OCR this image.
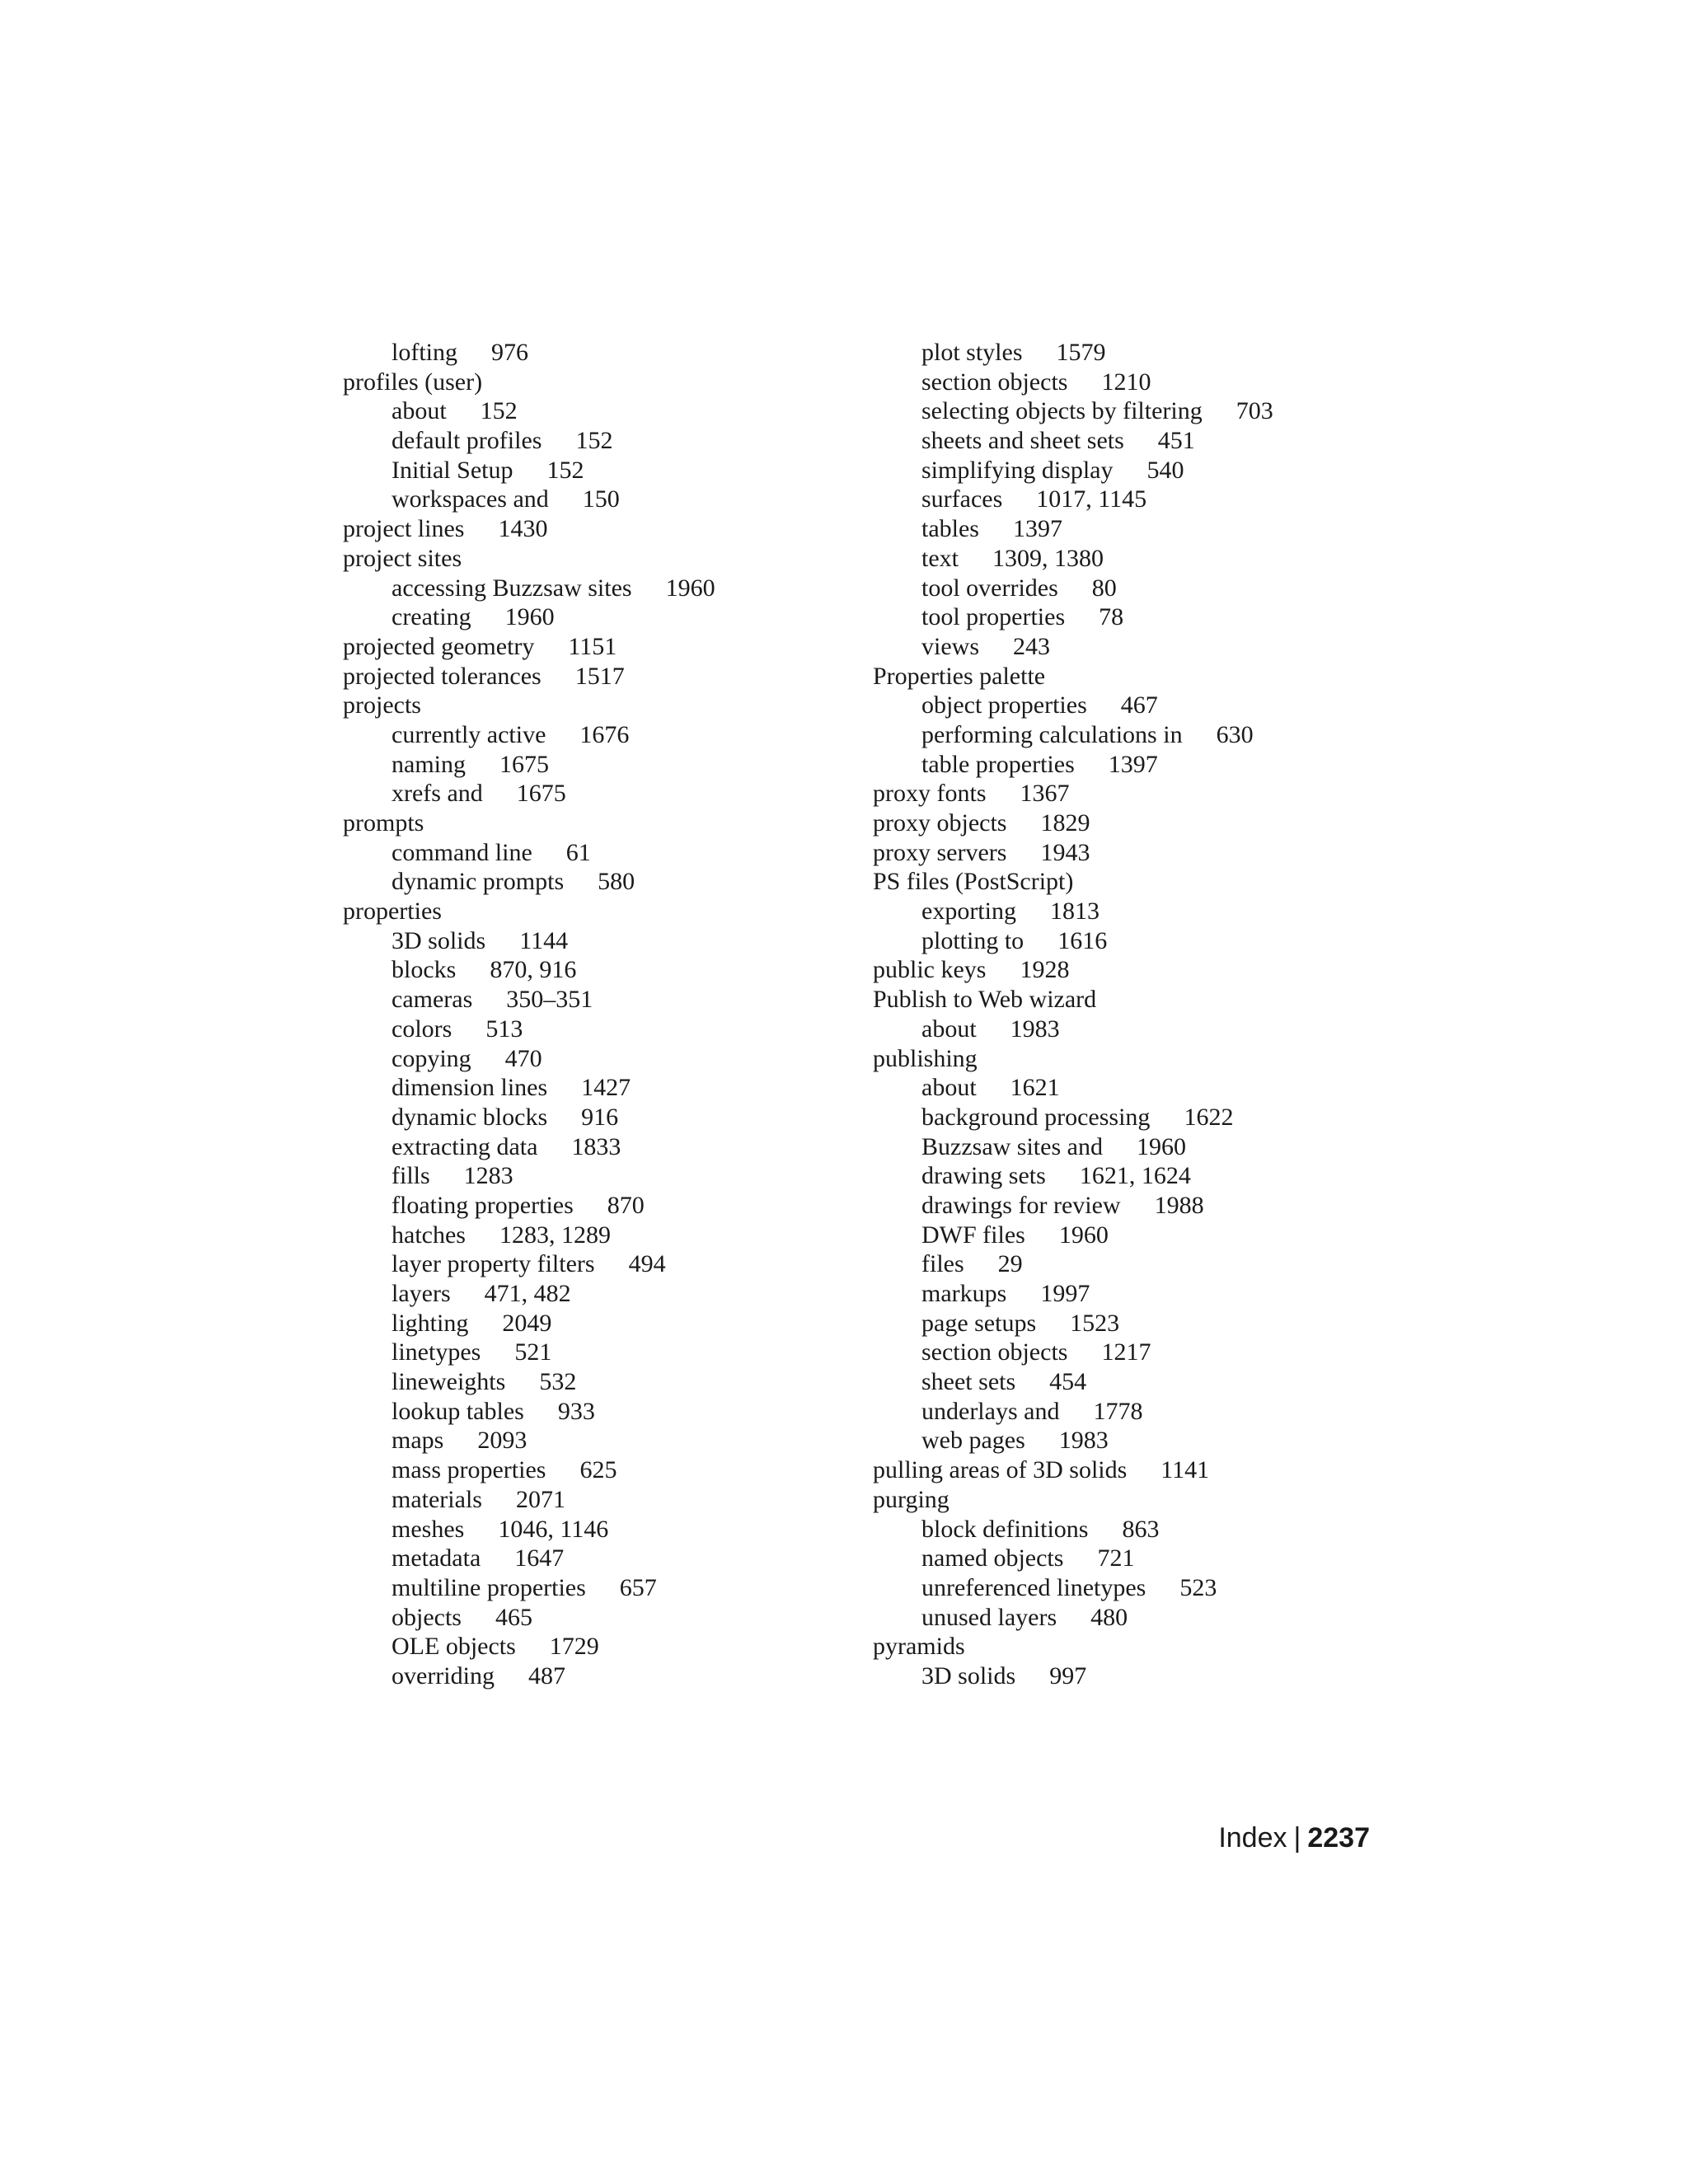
lofting 976
profiles (user)
about 152
default profiles 152
Initial Setup 152
workspaces and 150
project lines 1430
project sites
accessing Buzzsaw sites 1960
creating 1960
projected geometry 1151
projected tolerances 1517
projects
currently active 1676
naming 1675
xrefs and 1675
prompts
command line 61
dynamic prompts 580
properties
3D solids 1144
blocks 870, 916
cameras 350–351
colors 513
copying 470
dimension lines 1427
dynamic blocks 916
extracting data 1833
fills 1283
floating properties 870
hatches 1283, 1289
layer property filters 494
layers 471, 482
lighting 2049
linetypes 521
lineweights 532
lookup tables 933
maps 2093
mass properties 625
materials 2071
meshes 1046, 1146
metadata 1647
multiline properties 657
objects 465
OLE objects 1729
overriding 487
plot styles 1579
section objects 1210
selecting objects by filtering 703
sheets and sheet sets 451
simplifying display 540
surfaces 1017, 1145
tables 1397
text 1309, 1380
tool overrides 80
tool properties 78
views 243
Properties palette
object properties 467
performing calculations in 630
table properties 1397
proxy fonts 1367
proxy objects 1829
proxy servers 1943
PS files (PostScript)
exporting 1813
plotting to 1616
public keys 1928
Publish to Web wizard
about 1983
publishing
about 1621
background processing 1622
Buzzsaw sites and 1960
drawing sets 1621, 1624
drawings for review 1988
DWF files 1960
files 29
markups 1997
page setups 1523
section objects 1217
sheet sets 454
underlays and 1778
web pages 1983
pulling areas of 3D solids 1141
purging
block definitions 863
named objects 721
unreferenced linetypes 523
unused layers 480
pyramids
3D solids 997
Index | 2237
